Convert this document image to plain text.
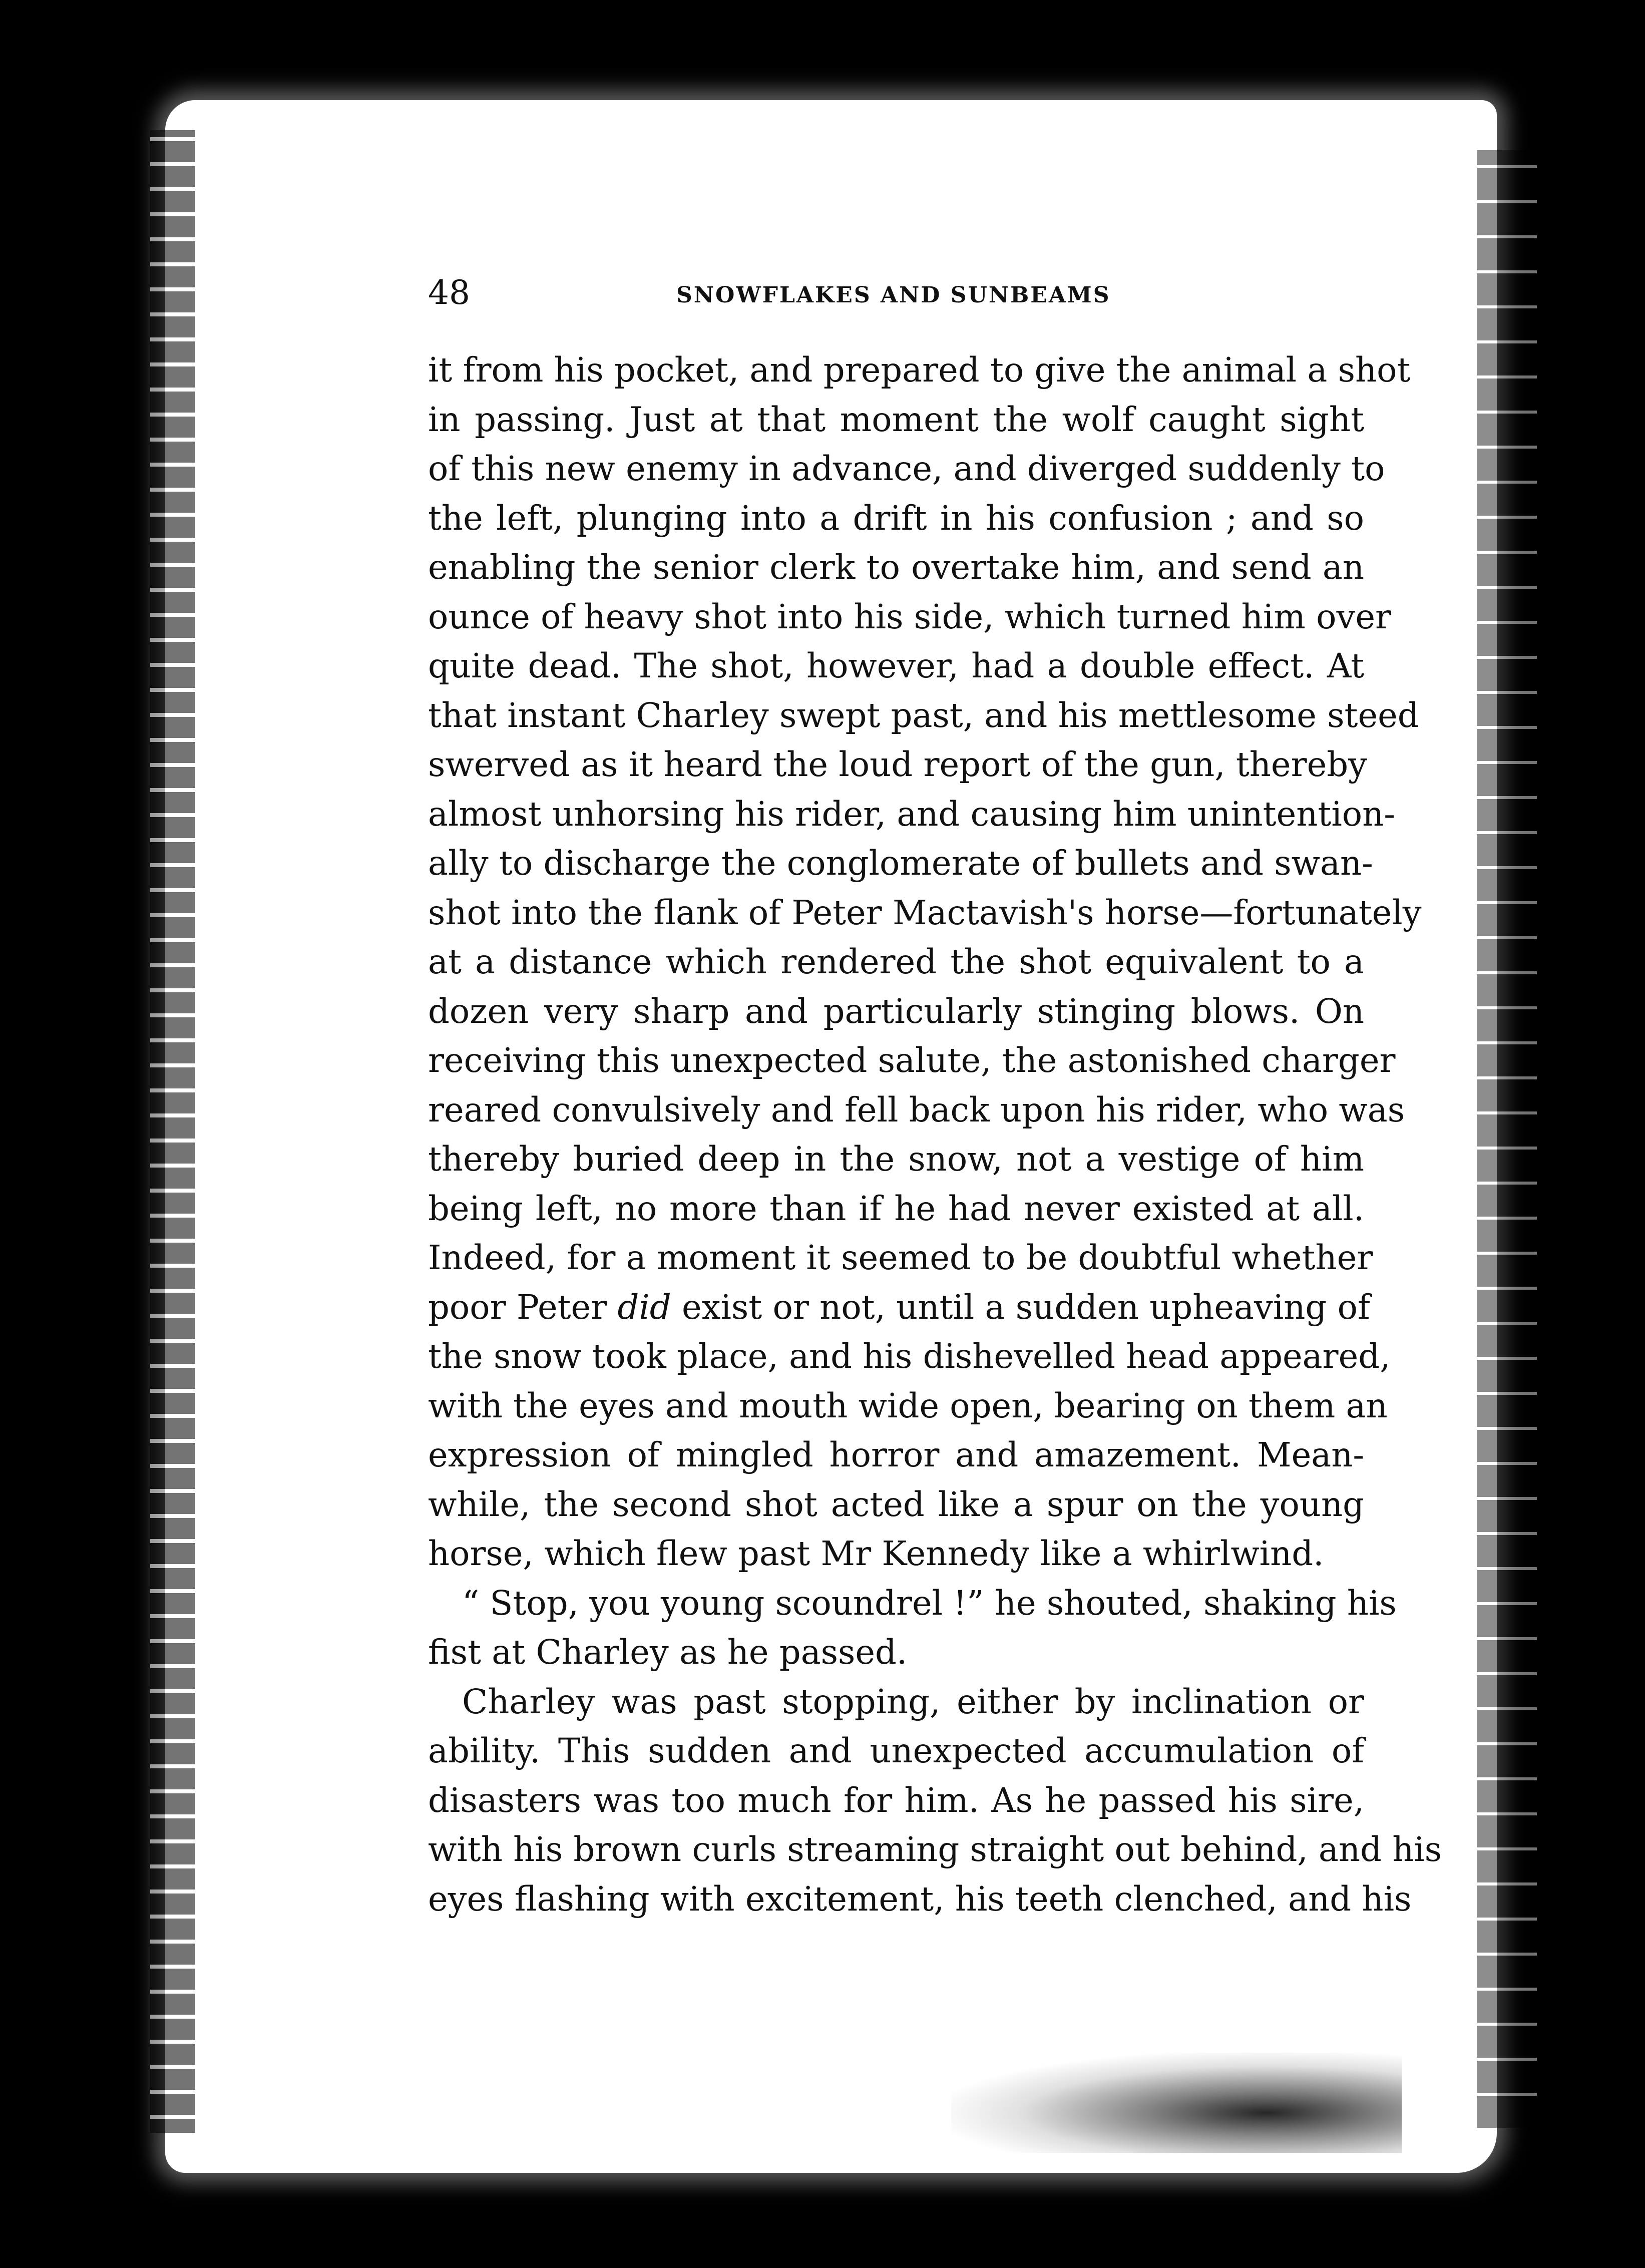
48	SNOWFLAKES AND SUNBEAMS
it from his pocket, and prepared to give the animal a shot
in passing. Just at that moment the wolf caught sight
of this new enemy in advance, and diverged suddenly to
the left, plunging into a drift in his confusion ; and so
enabling the senior clerk to overtake him, and send an
ounce of heavy shot into his side, which turned him over
quite dead. The shot, however, had a double effect. At
that instant Charley swept past, and his mettlesome steed
swerved as it heard the loud report of the gun, thereby
almost unhorsing his rider, and causing him unintention-
ally to discharge the conglomerate of bullets and swan-
shot into the flank of Peter Mactavish's horse—fortunately
at a distance which rendered the shot equivalent to a
dozen very sharp and particularly stinging blows. On
receiving this unexpected salute, the astonished charger
reared convulsively and fell back upon his rider, who was
thereby buried deep in the snow, not a vestige of him
being left, no more than if he had never existed at all.
Indeed, for a moment it seemed to be doubtful whether
poor Peter did exist or not, until a sudden upheaving of
the snow took place, and his dishevelled head appeared,
with the eyes and mouth wide open, bearing on them an
expression of mingled horror and amazement. Mean-
while, the second shot acted like a spur on the young
horse, which flew past Mr Kennedy like a whirlwind.
“ Stop, you young scoundrel !” he shouted, shaking his
fist at Charley as he passed.
Charley was past stopping, either by inclination or
ability. This sudden and unexpected accumulation of
disasters was too much for him. As he passed his sire,
with his brown curls streaming straight out behind, and his
eyes flashing with excitement, his teeth clenched, and his
